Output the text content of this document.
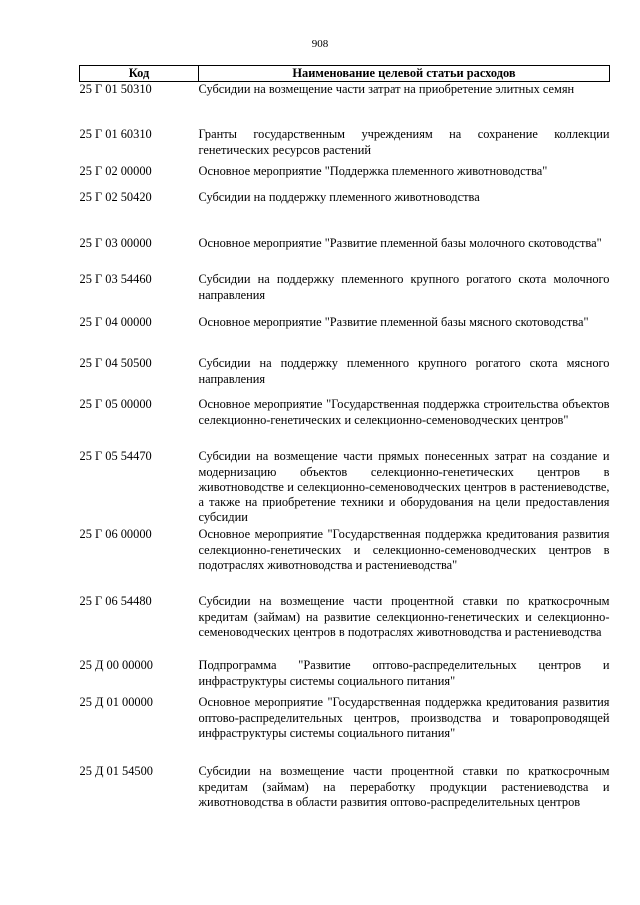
908
Код	Наименование целевой статьи расходов
25 Г 01 50310	Субсидии на возмещение части затрат на приобретение элитных семян
25 Г 01 60310	Гранты государственным учреждениям на сохранение коллекции генетических ресурсов растений
25 Г 02 00000	Основное мероприятие "Поддержка племенного животноводства"
25 Г 02 50420	Субсидии на поддержку племенного животноводства
25 Г 03 00000	Основное мероприятие "Развитие племенной базы молочного скотоводства"
25 Г 03 54460	Субсидии на поддержку племенного крупного рогатого скота молочного направления
25 Г 04 00000	Основное мероприятие "Развитие племенной базы мясного скотоводства"
25 Г 04 50500	Субсидии на поддержку племенного крупного рогатого скота мясного направления
25 Г 05 00000	Основное мероприятие "Государственная поддержка строительства объектов селекционно-генетических и селекционно-семеноводческих центров"
25 Г 05 54470	Субсидии на возмещение части прямых понесенных затрат на создание и модернизацию объектов селекционно-генетических центров в животноводстве и селекционно-семеноводческих центров в растениеводстве, а также на приобретение техники и оборудования на цели предоставления субсидии
25 Г 06 00000	Основное мероприятие "Государственная поддержка кредитования развития селекционно-генетических и селекционно-семеноводческих центров в подотраслях животноводства и растениеводства"
25 Г 06 54480	Субсидии на возмещение части процентной ставки по краткосрочным кредитам (займам) на развитие селекционно-генетических и селекционно-семеноводческих центров в подотраслях животноводства и растениеводства
25 Д 00 00000	Подпрограмма "Развитие оптово-распределительных центров и инфраструктуры системы социального питания"
25 Д 01 00000	Основное мероприятие "Государственная поддержка кредитования развития оптово-распределительных центров, производства и товаропроводящей инфраструктуры системы социального питания"
25 Д 01 54500	Субсидии на возмещение части процентной ставки по краткосрочным кредитам (займам) на переработку продукции растениеводства и животноводства в области развития оптово-распределительных центров
